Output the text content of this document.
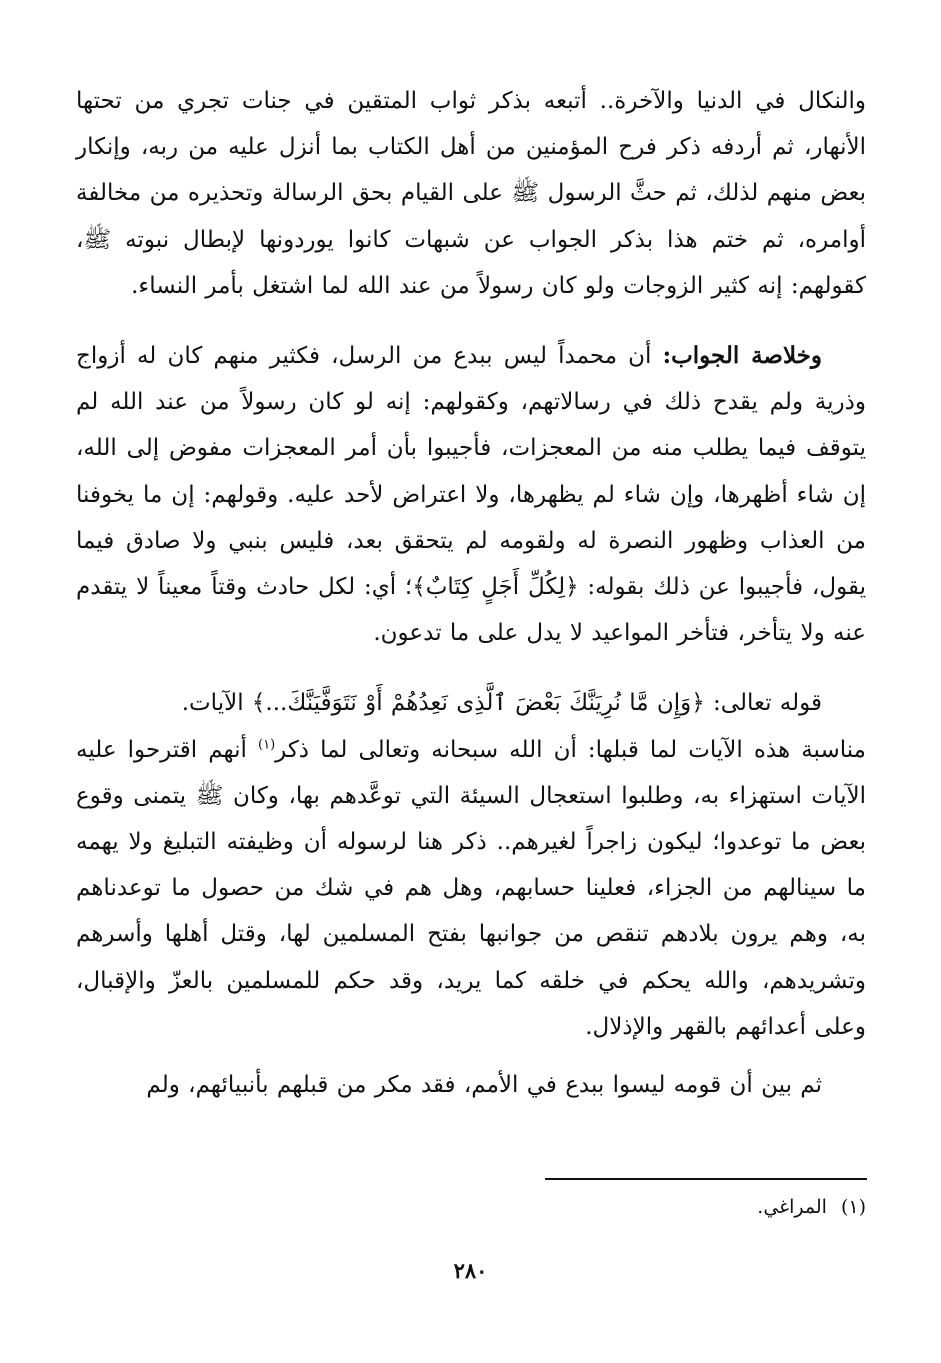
والنكال في الدنيا والآخرة.. أتبعه بذكر ثواب المتقين في جنات تجري من تحتها الأنهار، ثم أردفه ذكر فرح المؤمنين من أهل الكتاب بما أنزل عليه من ربه، وإنكار بعض منهم لذلك، ثم حثَّ الرسول ﷺ على القيام بحق الرسالة وتحذيره من مخالفة أوامره، ثم ختم هذا بذكر الجواب عن شبهات كانوا يوردونها لإبطال نبوته ﷺ، كقولهم: إنه كثير الزوجات ولو كان رسولاً من عند الله لما اشتغل بأمر النساء.

وخلاصة الجواب: أن محمداً ليس ببدع من الرسل، فكثير منهم كان له أزواج وذرية ولم يقدح ذلك في رسالاتهم، وكقولهم: إنه لو كان رسولاً من عند الله لم يتوقف فيما يطلب منه من المعجزات، فأجيبوا بأن أمر المعجزات مفوض إلى الله، إن شاء أظهرها، وإن شاء لم يظهرها، ولا اعتراض لأحد عليه. وقولهم: إن ما يخوفنا من العذاب وظهور النصرة له ولقومه لم يتحقق بعد، فليس بنبي ولا صادق فيما يقول، فأجيبوا عن ذلك بقوله: ﴿لِكُلِّ أَجَلٍ كِتَابٌ﴾؛ أي: لكل حادث وقتاً معيناً لا يتقدم عنه ولا يتأخر، فتأخر المواعيد لا يدل على ما تدعون.

قوله تعالى: ﴿وَإِن مَّا نُرِيَنَّكَ بَعْضَ ٱلَّذِى نَعِدُهُمْ أَوْ نَتَوَفَّيَنَّكَ...﴾ الآيات.

مناسبة هذه الآيات لما قبلها: أن الله سبحانه وتعالى لما ذكر$^{(١)}$ أنهم اقترحوا عليه الآيات استهزاء به، وطلبوا استعجال السيئة التي توعَّدهم بها، وكان ﷺ يتمنى وقوع بعض ما توعدوا؛ ليكون زاجراً لغيرهم.. ذكر هنا لرسوله أن وظيفته التبليغ ولا يهمه ما سينالهم من الجزاء، فعلينا حسابهم، وهل هم في شك من حصول ما توعدناهم به، وهم يرون بلادهم تنقص من جوانبها بفتح المسلمين لها، وقتل أهلها وأسرهم وتشريدهم، والله يحكم في خلقه كما يريد، وقد حكم للمسلمين بالعزّ والإقبال، وعلى أعدائهم بالقهر والإذلال.

ثم بين أن قومه ليسوا ببدع في الأمم، فقد مكر من قبلهم بأنبيائهم، ولم

(١)المراغي.

٢٨٠
